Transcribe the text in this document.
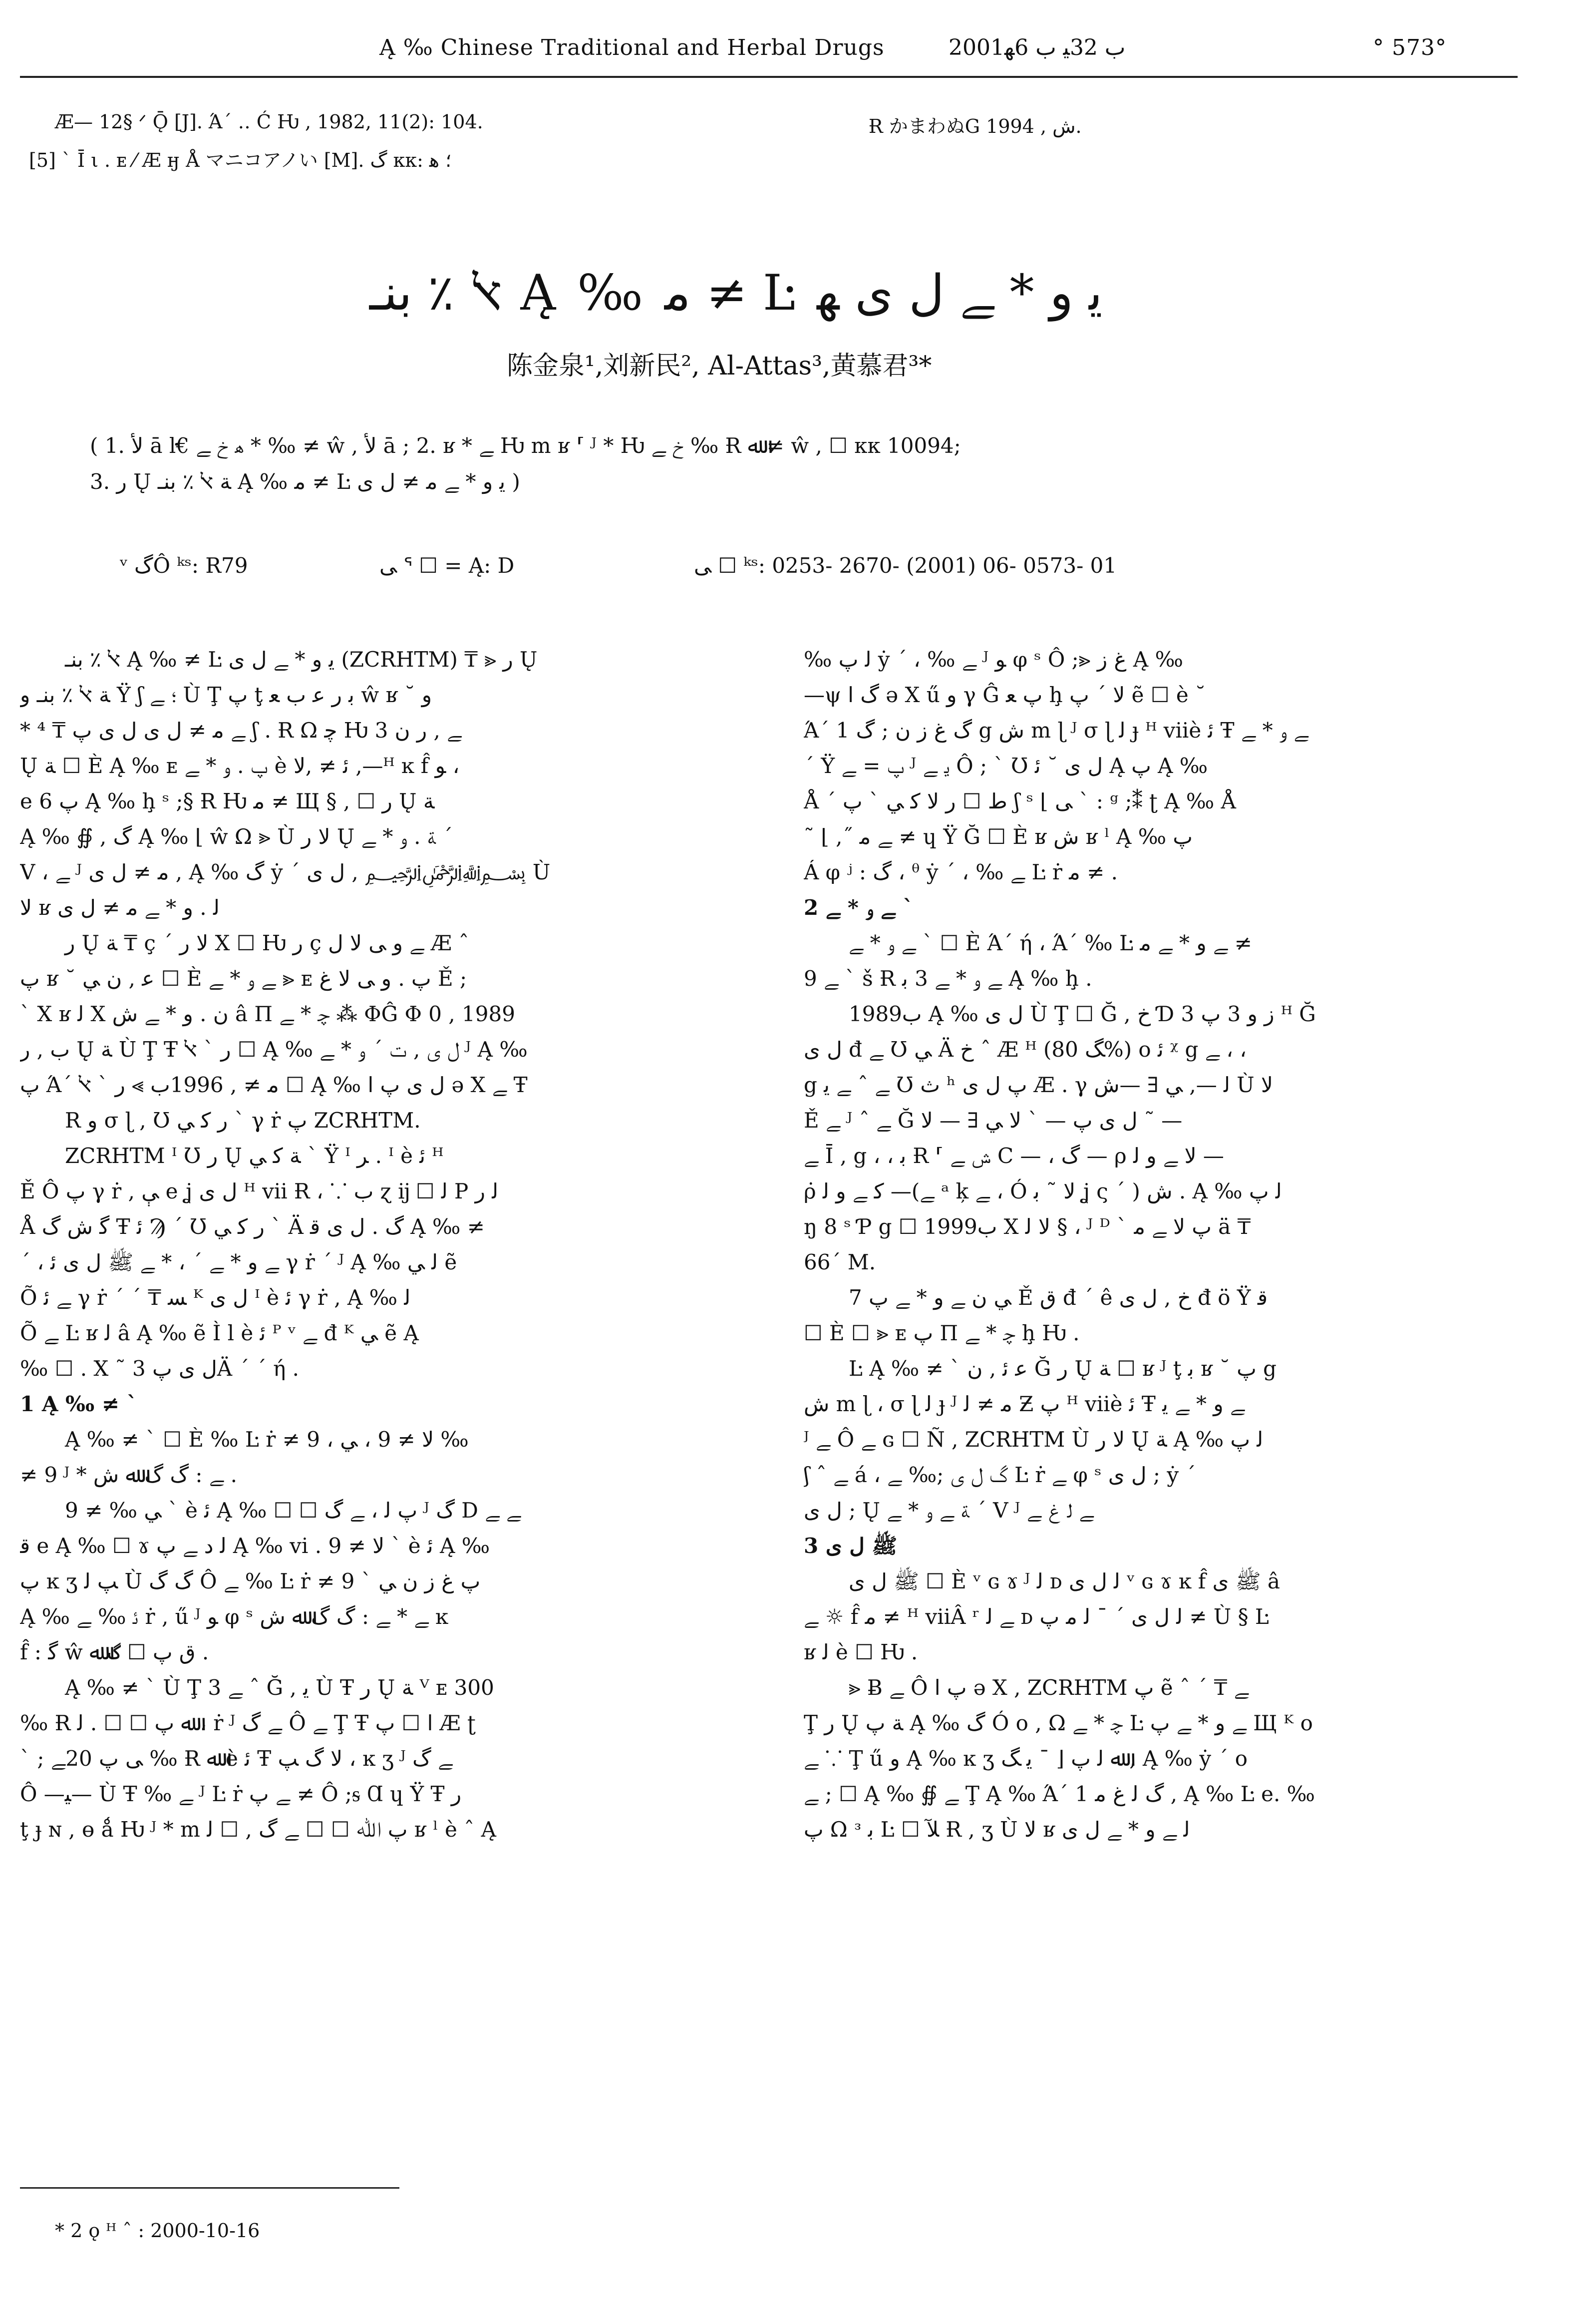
Ą ‰ Chinese Traditional and Herbal Drugs	2001ب 32ﻴ ب 6ﻬ	° 573°
Æ— 12§ ᐟ Ǭ [J]. Ά΄ ‥ Ć Ƕ , 1982, 11(2): 104.	Ɍ かまわぬG ش , 1994.
[5] ˋ Ī ι . ᴇ ⁄ Æ ӈ Å マニコアノい [M]. گ ᴋᴋ: ؛ ﻫ
ﭏ ٪ بنـ Ą ‰ ﻣ ≠ Ŀ ﯾ ﻭ * ﮯ ﻝ ﻯ ﮭ
陈金泉¹,刘新民², Al-Attas³,黄慕君³*
( 1. ﻷ ā ŀ€ ﻫ ﺥ ﮯ * ‰ ≠ ŵ , ﻷ ā ; 2. ʁ * ﮯ Ƕ m ʁ ⸢ ᴶ * Ƕ ﺥ ﮯ ‰ Ɍ ﷲ ≠ ŵ , ☐ ᴋᴋ 10094;
3. ﺭ Ų ﺔ ﭏ ٪ بنـ Ą ‰ ﻣ ≠ Ŀ ﯾ ﻭ * ﮯ ﻣ ≠ ﻝ ﻯ )
ᵛ گÔ ᵏˢ: R79	ﻰ ᕐ ☐ = Ą: D	ﻰ ☐ ᵏˢ: 0253- 2670- (2001) 06- 0573- 01

ﭏ ٪ بنـ Ą ‰ ≠ Ŀ ﯾ ﻭ * ﮯ ﻝ ﻯ (ZCRHTM) ₸ ⪢ ﺭ Ų

ﺔ ﭏ ٪ بنـ ﻭ Ϋ ʃ ؛ ﮯ Ù Ţ ﭖ ţ ﺑ ﺭ ﻋ ﺏ ﻌ ŵ ʁ ˘ ﻭ

* ﮯ ﻣ ≠ ﻝ ﻯ ﻝ ﻯ ﭖ ₸ ⁴ ʃ . Ɍ Ω ﭼ Ƕ 3 ﮯ , ﺭ ﻥ

Ų ﺔ ☐ È Ą ‰ ᴇ ﭖ . ﻭ * ﮯ è ﺋ ≠ ,ﻻ ,—ᴴ ĸ f̂ ﻮ ،

e 6 ﭖ Ą ‰ ḩ ˢ ;§ Ɍ Ƕ ﻣ ≠ Щ § , ☐ ﺭ Ų ﺔ

Ą ‰ ∯ , گ Ą ‰ ⌊ ŵ Ω ⪢ Ù ﻻ ﺭ Ų ﺔ . ﻭ * ﮯ ˊ

V ، ﮯ ᴶ ﻣ ≠ ﻝ ﻯ , Ą ‰ گ ẏ ˊ ﻝ ﻯ , ﷽ Ù

ﻻ ʁ ﻟ . ﻭ * ﮯ ﻣ ≠ ﻝ ﻯ

ﺭ Ų ﺔ ₸ ç ˊ ﻻ ﺭ Χ ☐ Ƕ ﺭ ç ﮯ ﻭ ﻰ ﻻ ﻝ Æ ˆ

ﭖ ʁ ˘ ﻋ , ﻥ ﻲ ☐ È ﮯ ﻭ * ﮯ ⪢ ᴇ ﭖ . ﻭ ﻰ ﻻ ﻍ Ě ;

ˋ Χ ʁ ﻟ Χ ﻥ . ﻭ * ﮯ ﺵ â Π ﭼ * ﮯ ⁂ ΦĜ Φ 0 , 1989

ﺏ , ﺭ Ų ﺔ Ù Ţ Ŧ ﺭ ˋ ﭏ ☐ Ą ‰ ﻝ ﻯ , ﺕ ˊ ﻭ * ﮯ ᴶ Ą ‰

ﭖ Ά΄ ﻣ ≠ , 1996ﺏ ⪢ ﺭ ˋ ﭏ ☐ Ą ‰ ﻝ ﻯ ﭖ ﺍ ə Χ ﮯ Ŧ

R ﻭ σ ɭ , Ʊ ﺭ ﮐ ﻲ ˋ γ ṙ ﭖ ZCRHTM.

ZCRHTM ᴵ Ʊ ﺭ Ų ﺔ ﮐ ﻲ ˋ Ϋ ᴵ ﺮ . ᴵ è ﺋ ᴴ

Ě Ô ﭖ γ ṙ , ﯥ e ʝ ﻝ ﻯ ᴴ vii Ɍ ، ⸪ ﺏ ɀ ĳ ☐ ﻟ P ﻟ ﺭ

Å ﮔ ﺵ گ Ŧ ﺋ Ϡ ˊ Ʊ ﺭ ﮐ ﻲ ˋ Ä گ . ﻝ ﻯ ﻗ Ą ‰ ≠

ˊ ، ﮯ ﻭ * ﮯ ˊ ، * ﮯ ﷺ ﻝ ﻯ ﺋ γ ṙ ˊ ᴶ Ą ‰ ﻟ ﻲ ẽ

Õ ﮯ ﺋ γ ṙ ˊ ˊ ₸ ﺴ ᴷ ﻝ ﻯ ᴵ è ﺋ γ ṙ , Ą ‰ ﻟ

Õ ﮯ Ŀ ʁ ﻟ â Ą ‰ ẽ Ì l è ﺋ ᴾ ᵛ ﮯ đ ᴷ ﻲ ẽ Ą

‰ ☐ . Χ ˜ ﻝ ﻯ ﭖ 3Ä ˊ ˊ ή .

1 Ą ‰ ≠ ˋ

Ą ‰ ≠ ˋ ☐ È ‰ Ŀ ṙ ≠ 9 ، ﻻ ≠ 9 ، ﻲ ‰

≠ 9 ᴶ * ﮯ : گ گ ﷲ ﺵ .

ﻲ ‰ ≠ 9 ˋ è ﺋ Ą ‰ ☐ ☐ ﭖ ﻟ ، ﮯ گ ᴶ گ D ﮯ ﮯ

ﻗ e Ą ‰ ☐ ɤ ﻟ ﺩ ﮯ ﭖ Ą ‰ vi . ﻻ ≠ 9 ˋ è ﺋ Ą ‰

ﭖ ĸ ʒ ﭗ ﻟ Ù گ گ Ô ﮯ ‰ Ŀ ṙ ≠ 9 ˋ ﭖ ﻍ ﺯ ﻥ ﻲ

Ą ‰ ﺋ ‰ ﮯ ṙ , ű ᴶ ﻮ φ ˢ ﮯ * ﮯ : گ گ ﷲ ﺵ ĸ

f̂ : ﮔ ŵ ﻕ ﭖ ☐ گ ﷲ .

Ą ‰ ≠ ˋ Ù Ţ 3 ﮯ ˆ Ğ , ﻳ Ù Ŧ ﺭ Ų ﺔ ⱽ ᴇ 300

‰ Ɍ ﷲ ﭖ ☐ ☐ . ﻟ ، ṙ ᴶ ﮯ گ Ô ﮯ Ţ Ŧ ﺍ ☐ ﭖ Æ ʈ

ˋ ; ﻰ ﭖ 20ﮯ ‰ Ɍ ﷲ è ﺋ Ŧ ﻻ گ ﭗ ، ĸ ʒ ᴶ ﮯ گ

Ô —ﻴ— Ù Ŧ ‰ ﮯ ᴶ Ŀ ṙ ﮯ ﭖ ≠ Ô ;ᵴ Ɑ ɥ Ϋ Ŧ ﺭ

ţ ɟ ɴ , ɵ ǻ Ƕ ᴶ * m ﭖ ﷲ ☐ ☐ ﮯ گ , ☐ ﻟ ʁ ˡ è ˆ Ą

‰ ﻟ ﭖ ẏ ˊ ، ‰ ﮯ ᴶ ﻮ φ ˢ Ô ;⪢ ﻍ ﺯ Ą ‰

—ψ گ ﺍ ə Χ ű ﻭ γ Ĝ ﭖ ﻌ ḩ ﻻ ˊ ﭖ ẽ ☐ è ˘

Ά΄ 1 گ ﻍ ﺯ ﻥ ; گ g ﺵ m ɭ ᴶ σ ɭ ﻟ ɟ ᴴ viiè ﺋ Ŧ ﮯ ﻭ * ﮯ

ˊ Ÿ ﭖ = ﮯ ᴶ ﻳ ﮯ Ô ; ˋ Ʊ ﻝ ﻯ ˘ ﺋ Ą ﭖ Ą ‰

Å ˊ ﻁ ☐ ﺭ ﻻ ﮐ ﻲ ˋ ﭖ ʃ ˢ ⌊ ﻰ ` : ᵍ ;⁑ ʈ Ą ‰ Å

˜ ⌊ ,˝ ﮯ ﻣ ≠ ɥ Ÿ Ğ ☐ È ʁ ﺵ ʁ ˡ Ą ‰ ﭖ

Á φ ʲ : گ ، ᶿ ẏ ˊ ، ‰ ﮯ Ŀ ṙ ﻣ ≠ .

2 ﮯ ﻭ * ﮯ ˋ

ﮯ ﻭ * ﮯ ˋ ☐ È Ά΄ ή ، Ά΄ ‰ Ŀ ﮯ ﻭ * ﮯ ﻣ ≠

9 ﮯ ˋ š Ɍ ﮯ ﻭ * ﮯ 3 ﺑ Ą ‰ ḩ .

1989ﺏ Ą ‰ ﻝ ﻯ Ù Ţ ☐ Ğ , ﺥ Ɗ 3 ﺯ ﻭ 3 ﭖ ᴴ Ğ

ﻝ ﻯ đ ﮯ Ʊ ﻲ Ä ﺥ ˆ Æ ᴴ (ﮓ 80%) o ﺋ ᵡ g ﮯ ، ،

g ﮯ ˆ ﮯ ﻳ Ʊ ﺙ ʰ ﭖ ﻝ ﻯ Æ . γ ﻟ —, ﻲ ∃ —ﺵ Ù ﻻ

Ě ﮯ ᴶ ˆ ﮯ Ğ ﻝ ﻯ ﭖ — ˋ ﻻ ﻲ ∃ — ﻻ ˜ —

ﮯ Ī , g ، ، ﺑ Ɍ ⸢ ش ﮯ C — ، گ — ρ ﻻ ﮯ ﻭ ﻟ —

ρ̇ ﮐ ﮯ ﻭ ﻟ —(ﮯ ᵃ ķ ﮯ ، Ó ﻻ ˜ ﺑ ʝ ς ˊ ) ﺵ . Ą ‰ ﻟ ﭖ

ŋ 8 ˢ Ƥ g ☐ 1999ﺏ Χ ﻻ ﻟ § ، ᴶ ᴰ ˋ ﭖ ﻻ ﮯ ﻣ ä ₸

66ˊ M.

ﻲ ﻥ ﮯ ﻭ * ﮯ ﭖ 7 Ě ﻕ đ ˊ ê ﺥ , ﻝ ﻯ đ ö Ÿ ﻗ

☐ È ☐ ⪢ ᴇ ﭖ Π ﭼ * ﮯ ḩ Ƕ .

Ŀ Ą ‰ ≠ ˋ ﻋ ﺋ , ﻥ Ğ ﺭ Ų ﺔ ☐ ʁ ᴶ ţ ﺑ ʁ ˘ ﭖ g

ﺵ m ɭ ، σ ɭ ﻟ ɟ ᴶ ﻣ ≠ ﻟ Ƶ ﭖ ᴴ viiè ﺋ Ŧ ﮯ ﻭ * ﮯ ﻳ

ᴶ ﮯ Ô ﮯ ɢ ☐ Ñ , ZCRHTM Ù ﻻ ﺭ Ų ﺔ Ą ‰ ﻟ ﭖ

ʃ ˆ ﮯ á ، گ ﻝ ﻯ ;‰ ﮯ Ŀ ṙ ﮯ φ ˢ ﻝ ﻯ ; ẏ ˊ

ﻝ ﻯ ; Ų ﺔ ﮯ ﻭ * ﮯ ˊ V ᴶ ﮯ ﻟ ﻍ ﮯ

3 ﷺ ﻝ ﻯ

ﷺ ﻝ ﻯ ☐ È ᵛ ɢ ɤ ᴶ ﻟ ᴅ ﻟ ﻝ ﻯ ᵛ ɢ ɤ ĸ f̂ ﷺ ﻯ â

ﮯ ☼ f̂ ﻣ ≠ ᴴ viiÂ ʳ ﮯ ﻟ ᴅ ﻟ ﻝ ﻯ ˊ ˉ ﻟ ﻣ ﭖ ≠ Ù § Ŀ

ʁ ﻟ è ☐ Ƕ .

⪢ Ƀ ﮯ Ô ﭖ ﺍ ə Χ , ZCRHTM ﭖ ẽ ˆ ˊ ₸ ﮯ

Ţ ﺭ Ų ﺔ ﭖ Ą ‰ گ Ó o , Ω ﭼ * ﮯ Ŀ ﮯ ﻭ * ﮯ ﭖ Щ ᴷ o

ﮯ ⸪ Ţ ű ﻭ Ą ‰ ĸ ʒ ﷲ ﻟ ﭖ ⌊ ˉ ﻳ ﮓ , Ą ‰ ẏ ˊ o

ﮯ ; ☐ Ą ‰ ∯ ﮯ Ţ Ą ‰ Ά΄ 1 گ ﻟ ﻍ ﻣ , Ą ‰ Ŀ e. ‰

ﭖ Ω ᶟ ﺑ Ŀ ☐ ﻶ Ɍ , ʒ Ù ﻻ ʁ ﻟ ﮯ ﻭ * ﮯ ﻝ ﻯ

* 2 ǫ ᴴ ˆ : 2000-10-16
